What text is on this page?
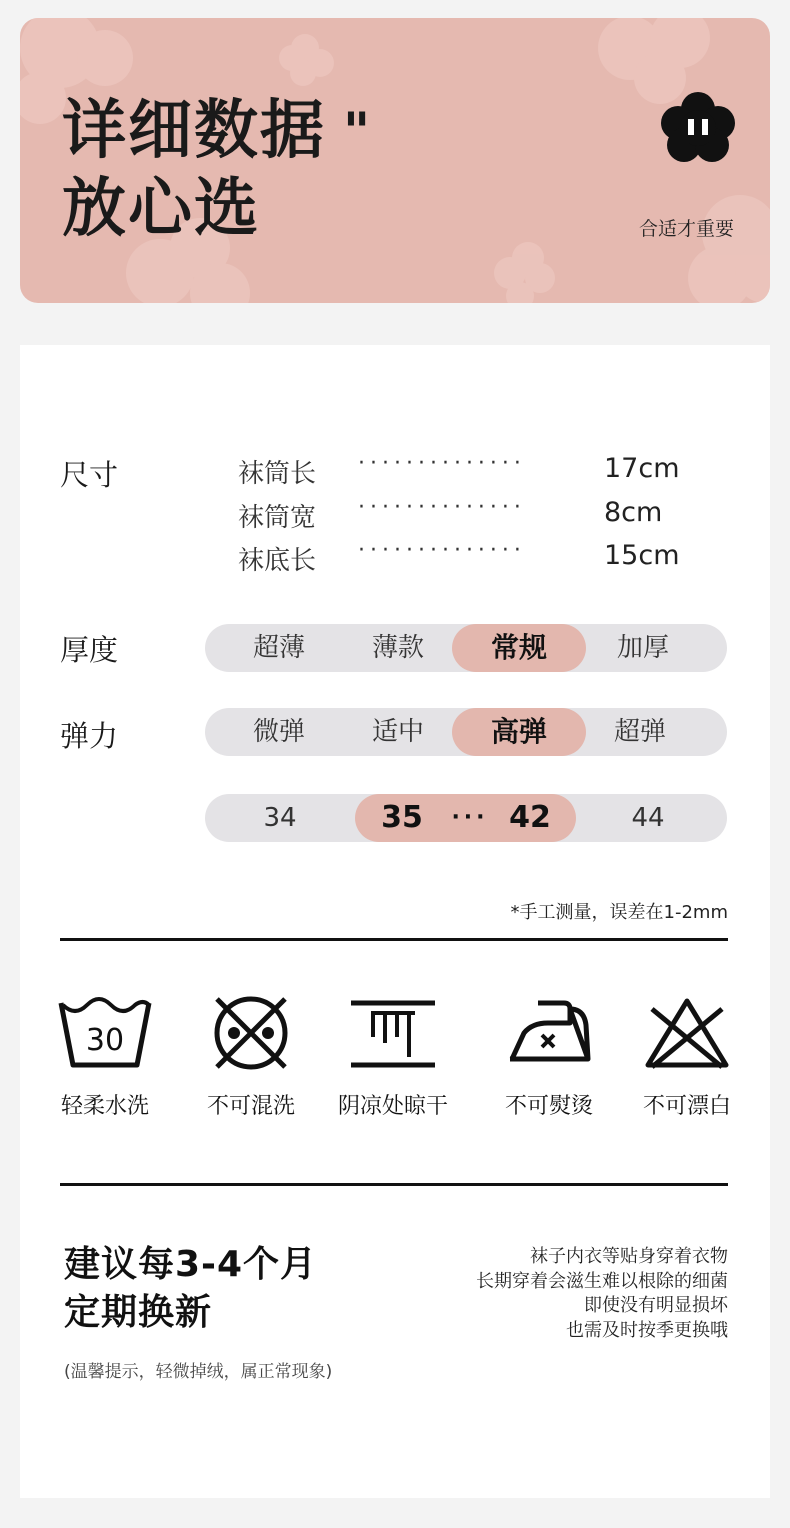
详细数据
放心选
"
合适才重要
尺寸	袜筒长 ··············	17cm
袜筒宽 ··············	8cm
袜底长 ··············	15cm
厚度	超薄	薄款	常规	加厚
弹力	微弹	适中	高弹	超弹
34	35	··· 42	44
*手工测量，误差在1-2mm
30
轻柔水洗	不可混洗	阴凉处晾干	不可熨烫	不可漂白
建议每3-4个月
定期换新
(温馨提示，轻微掉绒，属正常现象)
袜子内衣等贴身穿着衣物
长期穿着会滋生难以根除的细菌
即使没有明显损坏
也需及时按季更换哦
